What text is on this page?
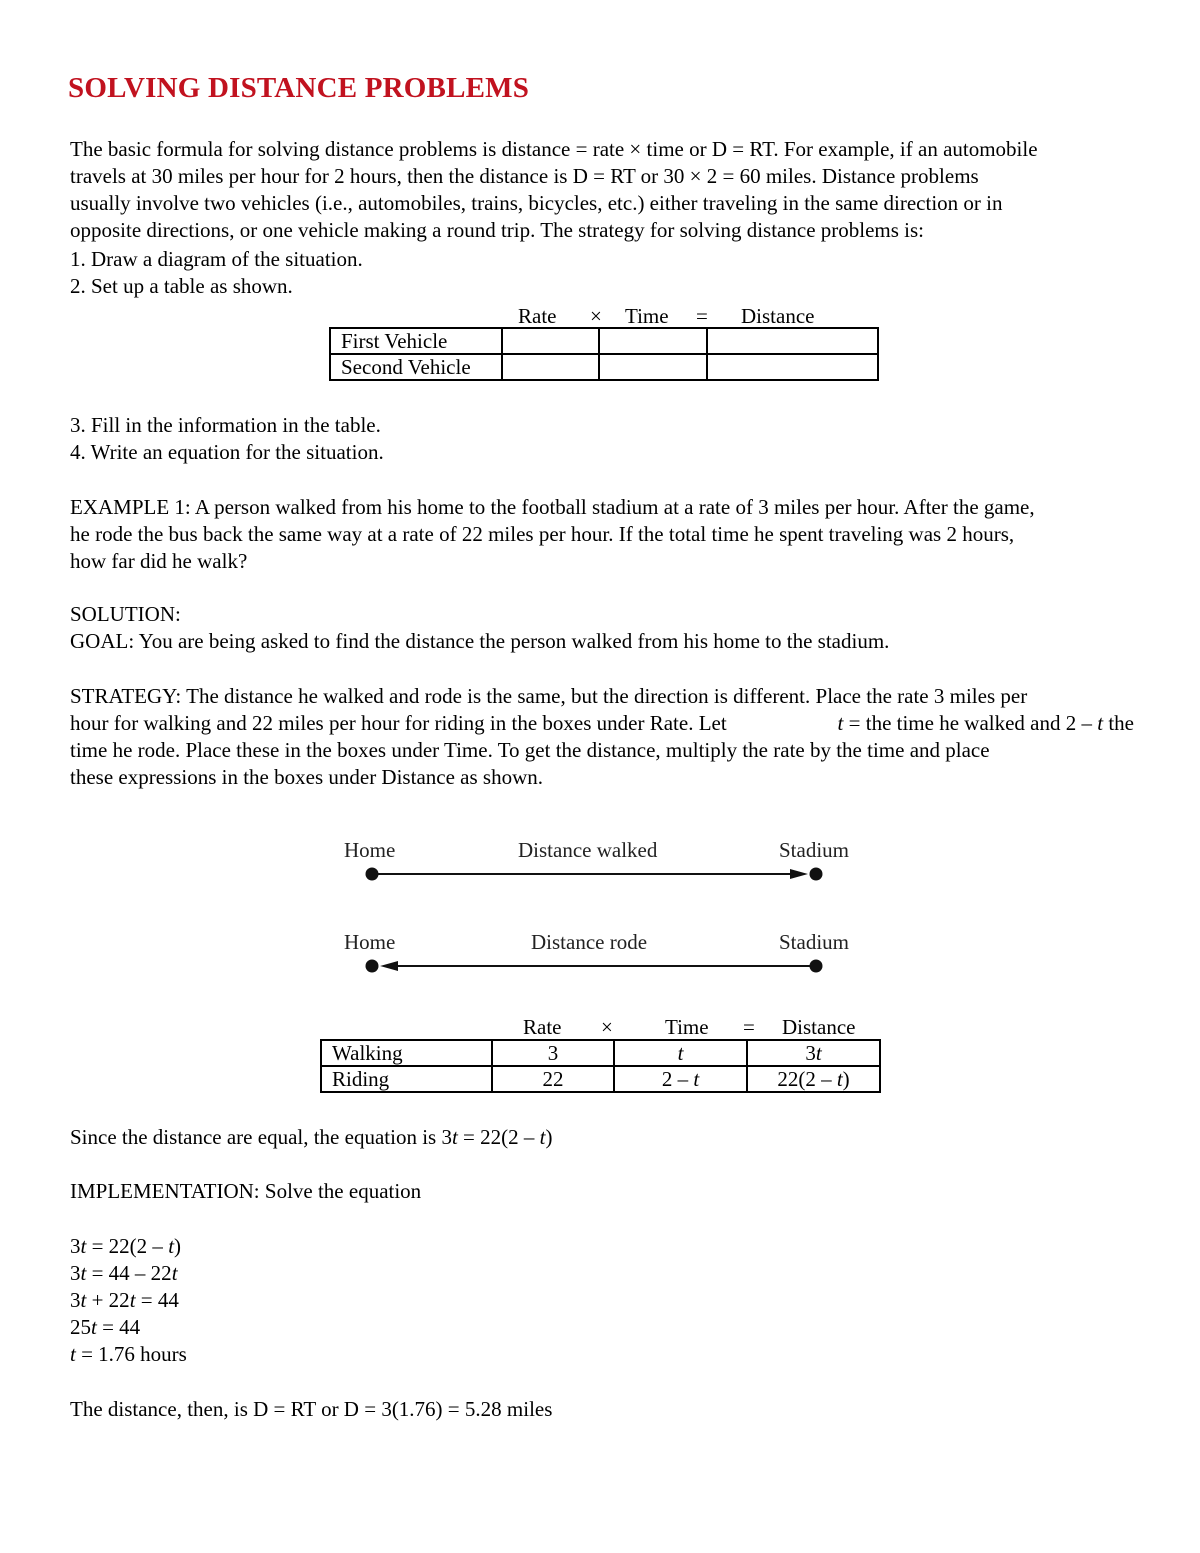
SOLVING DISTANCE PROBLEMS
The basic formula for solving distance problems is distance = rate × time or D = RT. For example, if an automobile
travels at 30 miles per hour for 2 hours, then the distance is D = RT or 30 × 2 = 60 miles. Distance problems
usually involve two vehicles (i.e., automobiles, trains, bicycles, etc.) either traveling in the same direction or in
opposite directions, or one vehicle making a round trip. The strategy for solving distance problems is:
1. Draw a diagram of the situation.
2. Set up a table as shown.
Rate × Time = Distance
First Vehicle			
Second Vehicle			
3. Fill in the information in the table.
4. Write an equation for the situation.
EXAMPLE 1: A person walked from his home to the football stadium at a rate of 3 miles per hour. After the game,
he rode the bus back the same way at a rate of 22 miles per hour. If the total time he spent traveling was 2 hours,
how far did he walk?
SOLUTION:
GOAL: You are being asked to find the distance the person walked from his home to the stadium.
STRATEGY: The distance he walked and rode is the same, but the direction is different. Place the rate 3 miles per
hour for walking and 22 miles per hour for riding in the boxes under Rate. Let	t = the time he walked and 2 – t the
time he rode. Place these in the boxes under Time. To get the distance, multiply the rate by the time and place
these expressions in the boxes under Distance as shown.
Home	Distance walked	Stadium
Home	Distance rode	Stadium
Rate × Time = Distance
Walking	3	t	3t
Riding	22	2 – t	22(2 – t)
Since the distance are equal, the equation is 3t = 22(2 – t)
IMPLEMENTATION: Solve the equation
3t = 22(2 – t)
3t = 44 – 22t
3t + 22t = 44
25t = 44
t = 1.76 hours
The distance, then, is D = RT or D = 3(1.76) = 5.28 miles
